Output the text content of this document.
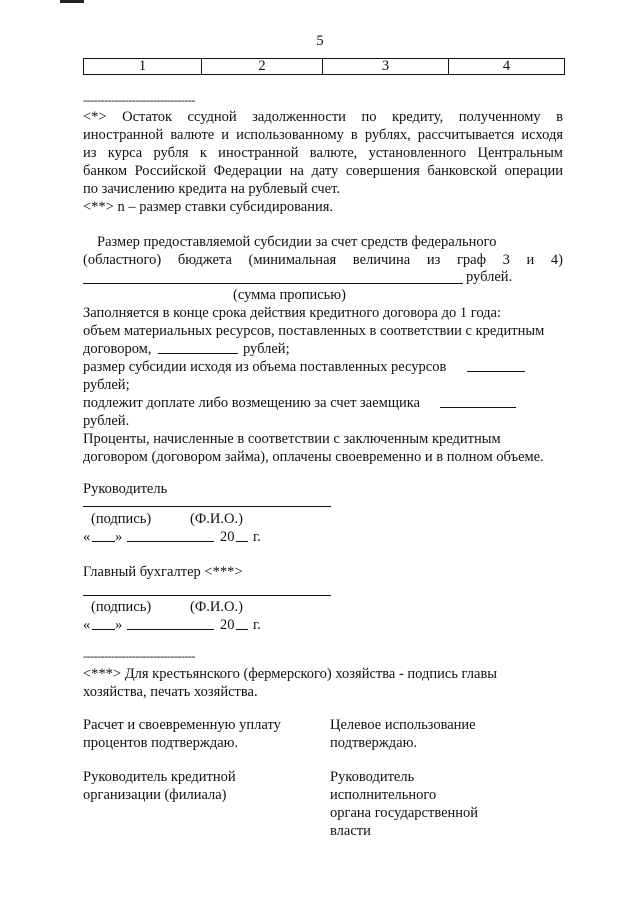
5
1	2	3	4
--------------------------------
<*> Остаток ссудной задолженности по кредиту, полученному в
иностранной валюте и использованному в рублях, рассчитывается исходя
из курса рубля к иностранной валюте, установленного Центральным
банком Российской Федерации на дату совершения банковской операции
по зачислению кредита на рублевый счет.
<**> n – размер ставки субсидирования.
Размер предоставляемой субсидии за счет средств федерального
(областного) бюджета (минимальная величина из граф 3 и 4)
рублей.
(сумма прописью)
Заполняется в конце срока действия кредитного договора до 1 года:
объем материальных ресурсов, поставленных в соответствии с кредитным
договором,	рублей;
размер субсидии исходя из объема поставленных ресурсов
рублей;
подлежит доплате либо возмещению за счет заемщика
рублей.
Проценты, начисленные в соответствии с заключенным кредитным
договором (договором займа), оплачены своевременно и в полном объеме.
Руководитель
(подпись)	(Ф.И.О.)
« »	20 г.
Главный бухгалтер <***>
(подпись)	(Ф.И.О.)
« »	20 г.
--------------------------------
<***> Для крестьянского (фермерского) хозяйства - подпись главы
хозяйства, печать хозяйства.
Расчет и своевременную уплату
процентов подтверждаю.
Целевое использование
подтверждаю.
Руководитель кредитной
организации (филиала)
Руководитель
исполнительного
органа государственной
власти
